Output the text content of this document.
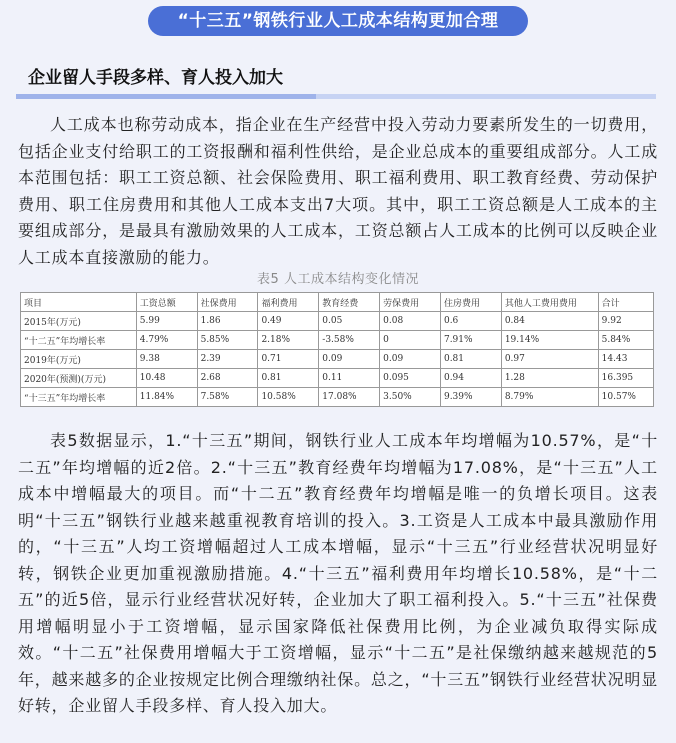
“十三五”钢铁行业人工成本结构更加合理
企业留人手段多样、育人投入加大

人工成本也称劳动成本，指企业在生产经营中投入劳动力要素所发生的一切费用，包括企业支付给职工的工资报酬和福利性供给，是企业总成本的重要组成部分。人工成本范围包括：职工工资总额、社会保险费用、职工福利费用、职工教育经费、劳动保护费用、职工住房费用和其他人工成本支出7大项。其中，职工工资总额是人工成本的主要组成部分，是最具有激励效果的人工成本，工资总额占人工成本的比例可以反映企业人工成本直接激励的能力。

表5 人工成本结构变化情况
项目	工资总额	社保费用	福利费用	教育经费	劳保费用	住房费用	其他人工费用费用	合计
2015年(万元)	5.99	1.86	0.49	0.05	0.08	0.6	0.84	9.92
“十二五”年均增长率	4.79%	5.85%	2.18%	-3.58%	0	7.91%	19.14%	5.84%
2019年(万元)	9.38	2.39	0.71	0.09	0.09	0.81	0.97	14.43
2020年(预测)(万元)	10.48	2.68	0.81	0.11	0.095	0.94	1.28	16.395
“十三五”年均增长率	11.84%	7.58%	10.58%	17.08%	3.50%	9.39%	8.79%	10.57%

表5数据显示，1.“十三五”期间，钢铁行业人工成本年均增幅为10.57%，是“十二五”年均增幅的近2倍。2.“十三五”教育经费年均增幅为17.08%，是“十三五”人工成本中增幅最大的项目。而“十二五”教育经费年均增幅是唯一的负增长项目。这表明“十三五”钢铁行业越来越重视教育培训的投入。3.工资是人工成本中最具激励作用的，“十三五”人均工资增幅超过人工成本增幅，显示“十三五”行业经营状况明显好转，钢铁企业更加重视激励措施。4.“十三五”福利费用年均增长10.58%，是“十二五”的近5倍，显示行业经营状况好转，企业加大了职工福利投入。5.“十三五”社保费用增幅明显小于工资增幅，显示国家降低社保费用比例，为企业减负取得实际成效。“十二五”社保费用增幅大于工资增幅，显示“十二五”是社保缴纳越来越规范的5年，越来越多的企业按规定比例合理缴纳社保。总之，“十三五”钢铁行业经营状况明显好转，企业留人手段多样、育人投入加大。
